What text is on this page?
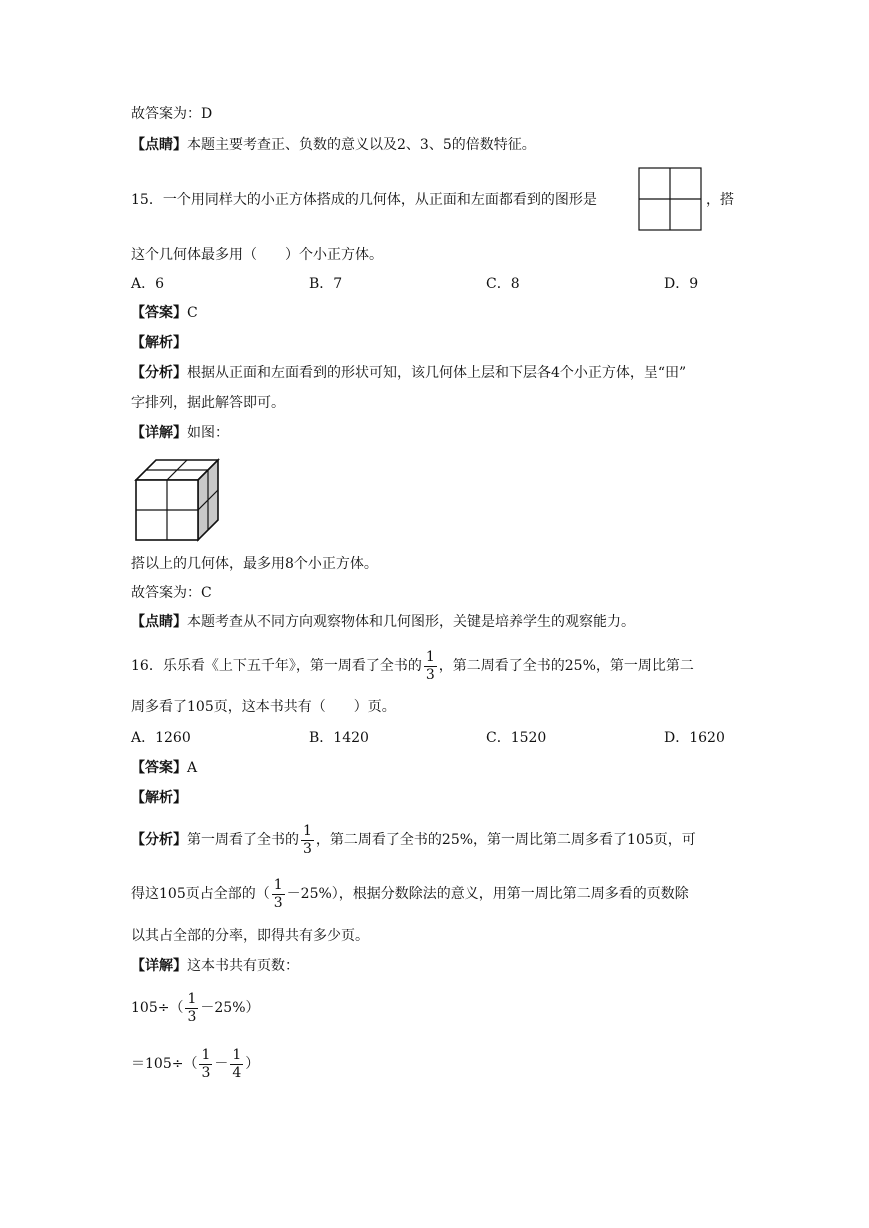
故答案为：D
【点睛】本题主要考查正、负数的意义以及2、3、5的倍数特征。
15．一个用同样大的小正方体搭成的几何体，从正面和左面都看到的图形是	，搭
这个几何体最多用（　　）个小正方体。
A．6	B．7	C．8	D．9
【答案】C
【解析】
【分析】根据从正面和左面看到的形状可知，该几何体上层和下层各4个小正方体，呈“田”
字排列，据此解答即可。
【详解】如图：
搭以上的几何体，最多用8个小正方体。
故答案为：C
【点睛】本题考查从不同方向观察物体和几何图形，关键是培养学生的观察能力。
16．乐乐看《上下五千年》，第一周看了全书的 $\frac{1}{3}$ ，第二周看了全书的25%，第一周比第二
周多看了105页，这本书共有（　　）页。
A．1260	B．1420	C．1520	D．1620
【答案】A
【解析】
【分析】第一周看了全书的 $\frac{1}{3}$ ，第二周看了全书的25%，第一周比第二周多看了105页，可
得这105页占全部的（ $\frac{1}{3} -25\%$），根据分数除法的意义，用第一周比第二周多看的页数除
以其占全部的分率，即得共有多少页。
【详解】这本书共有页数：
$105\div( \frac{1}{3} -25\%)$
$=105\div( \frac{1}{3} - \frac{1}{4}$ ）
